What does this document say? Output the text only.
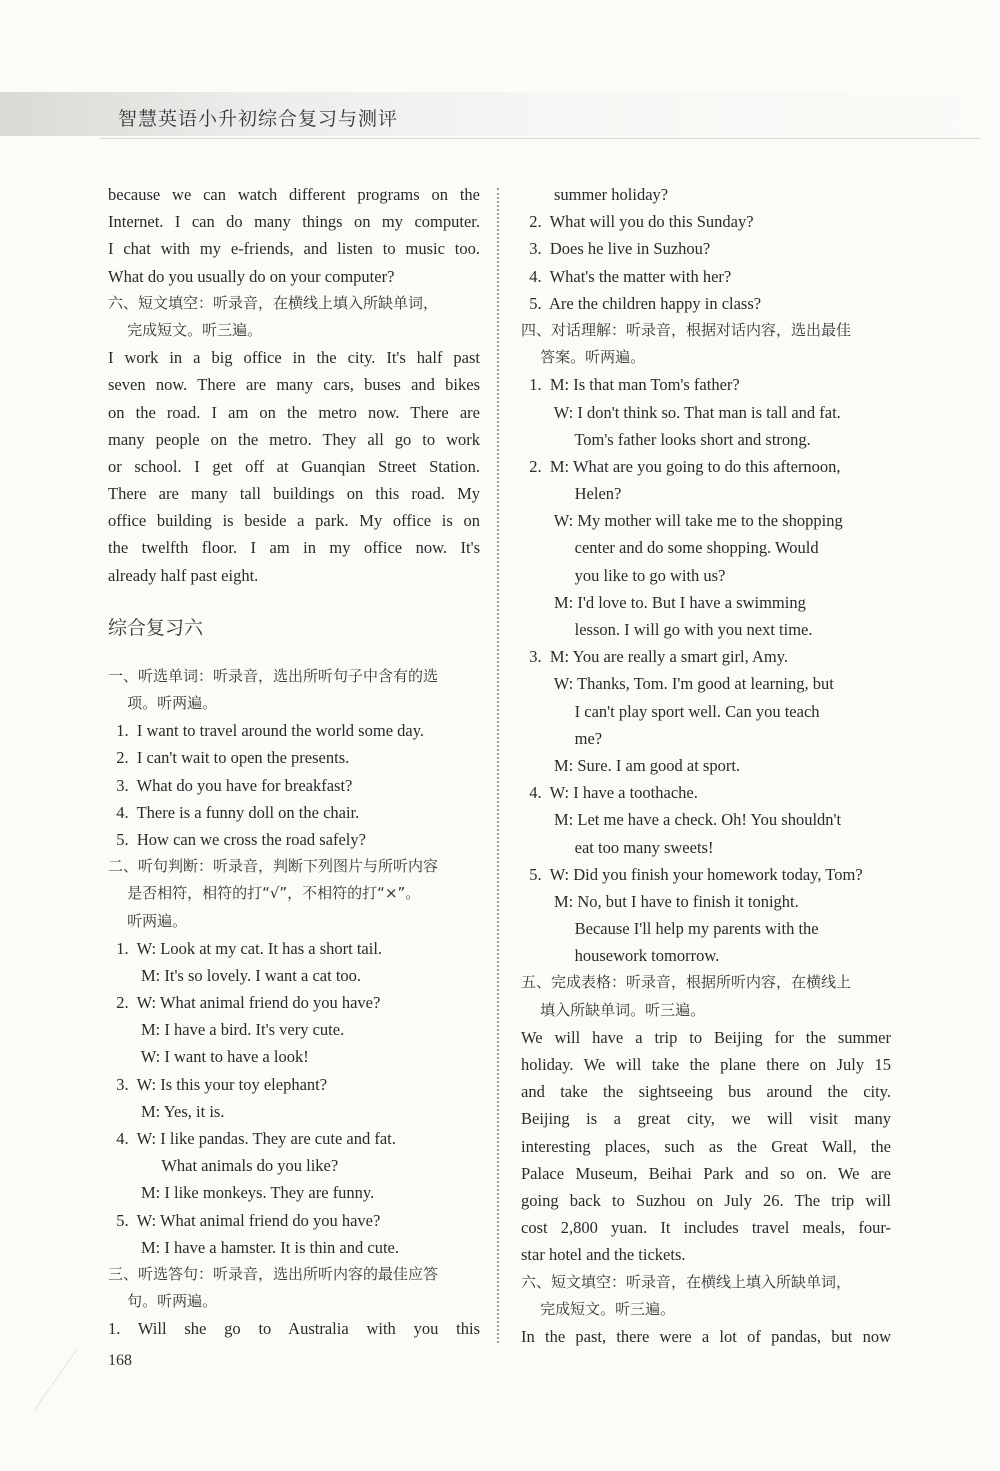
智慧英语小升初综合复习与测评
because we can watch different programs on the
Internet. I can do many things on my computer.
I chat with my e-friends, and listen to music too.
What do you usually do on your computer?
六、短文填空：听录音，在横线上填入所缺单词，
完成短文。听三遍。
I work in a big office in the city. It's half past
seven now. There are many cars, buses and bikes
on the road. I am on the metro now. There are
many people on the metro. They all go to work
or school. I get off at Guanqian Street Station.
There are many tall buildings on this road. My
office building is beside a park. My office is on
the twelfth floor. I am in my office now. It's
already half past eight.
综合复习六
一、听选单词：听录音，选出所听句子中含有的选
项。听两遍。
1.  I want to travel around the world some day.
2.  I can't wait to open the presents.
3.  What do you have for breakfast?
4.  There is a funny doll on the chair.
5.  How can we cross the road safely?
二、听句判断：听录音，判断下列图片与所听内容
是否相符，相符的打“√”，不相符的打“×”。
听两遍。
1.  W: Look at my cat. It has a short tail.
M: It's so lovely. I want a cat too.
2.  W: What animal friend do you have?
M: I have a bird. It's very cute.
W: I want to have a look!
3.  W: Is this your toy elephant?
M: Yes, it is.
4.  W: I like pandas. They are cute and fat.
What animals do you like?
M: I like monkeys. They are funny.
5.  W: What animal friend do you have?
M: I have a hamster. It is thin and cute.
三、听选答句：听录音，选出所听内容的最佳应答
句。听两遍。
1. Will she go to Australia with you this
summer holiday?
2.  What will you do this Sunday?
3.  Does he live in Suzhou?
4.  What's the matter with her?
5.  Are the children happy in class?
四、对话理解：听录音，根据对话内容，选出最佳
答案。听两遍。
1.  M: Is that man Tom's father?
W: I don't think so. That man is tall and fat.
Tom's father looks short and strong.
2.  M: What are you going to do this afternoon,
Helen?
W: My mother will take me to the shopping
center and do some shopping. Would
you like to go with us?
M: I'd love to. But I have a swimming
lesson. I will go with you next time.
3.  M: You are really a smart girl, Amy.
W: Thanks, Tom. I'm good at learning, but
I can't play sport well. Can you teach
me?
M: Sure. I am good at sport.
4.  W: I have a toothache.
M: Let me have a check. Oh! You shouldn't
eat too many sweets!
5.  W: Did you finish your homework today, Tom?
M: No, but I have to finish it tonight.
Because I'll help my parents with the
housework tomorrow.
五、完成表格：听录音，根据所听内容，在横线上
填入所缺单词。听三遍。
We will have a trip to Beijing for the summer
holiday. We will take the plane there on July 15
and take the sightseeing bus around the city.
Beijing is a great city, we will visit many
interesting places, such as the Great Wall, the
Palace Museum, Beihai Park and so on. We are
going back to Suzhou on July 26. The trip will
cost 2,800 yuan. It includes travel meals, four-
star hotel and the tickets.
六、短文填空：听录音，在横线上填入所缺单词，
完成短文。听三遍。
In the past, there were a lot of pandas, but now
168
